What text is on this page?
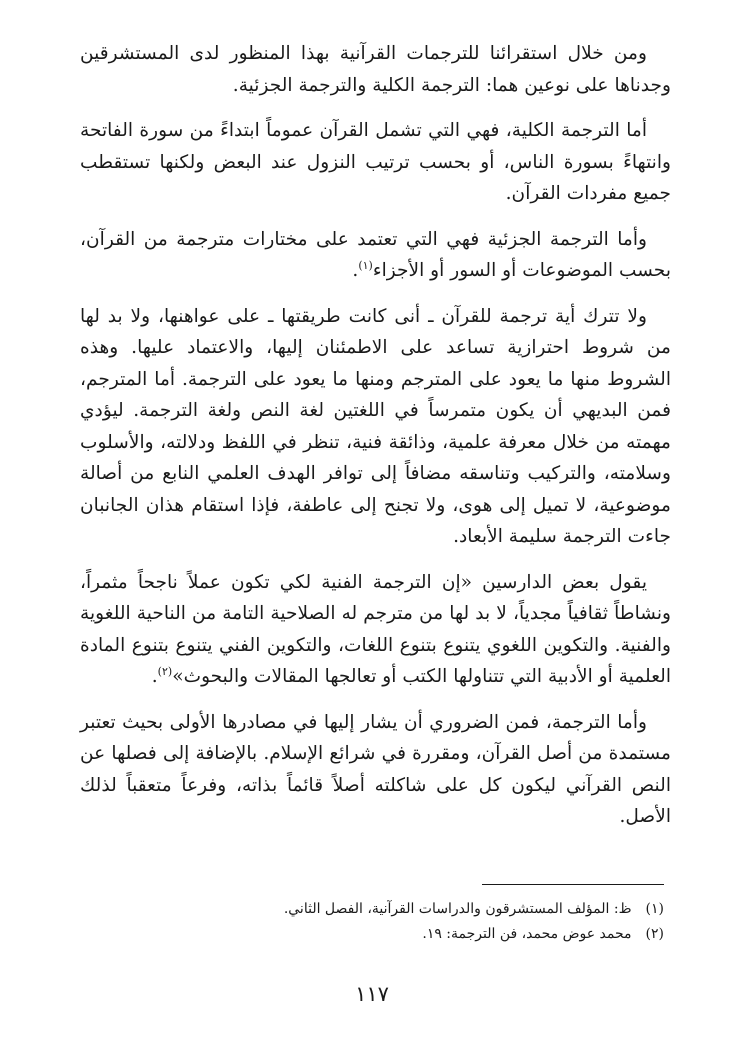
ومن خلال استقرائنا للترجمات القرآنية بهذا المنظور لدى المستشرقين وجدناها على نوعين هما: الترجمة الكلية والترجمة الجزئية.

أما الترجمة الكلية، فهي التي تشمل القرآن عموماً ابتداءً من سورة الفاتحة وانتهاءً بسورة الناس، أو بحسب ترتيب النزول عند البعض ولكنها تستقطب جميع مفردات القرآن.

وأما الترجمة الجزئية فهي التي تعتمد على مختارات مترجمة من القرآن، بحسب الموضوعات أو السور أو الأجزاء$^{(١)}$.

ولا تترك أية ترجمة للقرآن ـ أنى كانت طريقتها ـ على عواهنها، ولا بد لها من شروط احترازية تساعد على الاطمئنان إليها، والاعتماد عليها. وهذه الشروط منها ما يعود على المترجم ومنها ما يعود على الترجمة. أما المترجم، فمن البديهي أن يكون متمرساً في اللغتين لغة النص ولغة الترجمة. ليؤدي مهمته من خلال معرفة علمية، وذائقة فنية، تنظر في اللفظ ودلالته، والأسلوب وسلامته، والتركيب وتناسقه مضافاً إلى توافر الهدف العلمي النابع من أصالة موضوعية، لا تميل إلى هوى، ولا تجنح إلى عاطفة، فإذا استقام هذان الجانبان جاءت الترجمة سليمة الأبعاد.

يقول بعض الدارسين «إن الترجمة الفنية لكي تكون عملاً ناجحاً مثمراً، ونشاطاً ثقافياً مجدياً، لا بد لها من مترجم له الصلاحية التامة من الناحية اللغوية والفنية. والتكوين اللغوي يتنوع بتنوع اللغات، والتكوين الفني يتنوع بتنوع المادة العلمية أو الأدبية التي تتناولها الكتب أو تعالجها المقالات والبحوث»$^{(٢)}$.

وأما الترجمة، فمن الضروري أن يشار إليها في مصادرها الأولى بحيث تعتبر مستمدة من أصل القرآن، ومقررة في شرائع الإسلام. بالإضافة إلى فصلها عن النص القرآني ليكون كل على شاكلته أصلاً قائماً بذاته، وفرعاً متعقباً لذلك الأصل.

(١)
ظ: المؤلف المستشرقون والدراسات القرآنية، الفصل الثاني.
(٢)
محمد عوض محمد، فن الترجمة: ١٩.
١١٧
